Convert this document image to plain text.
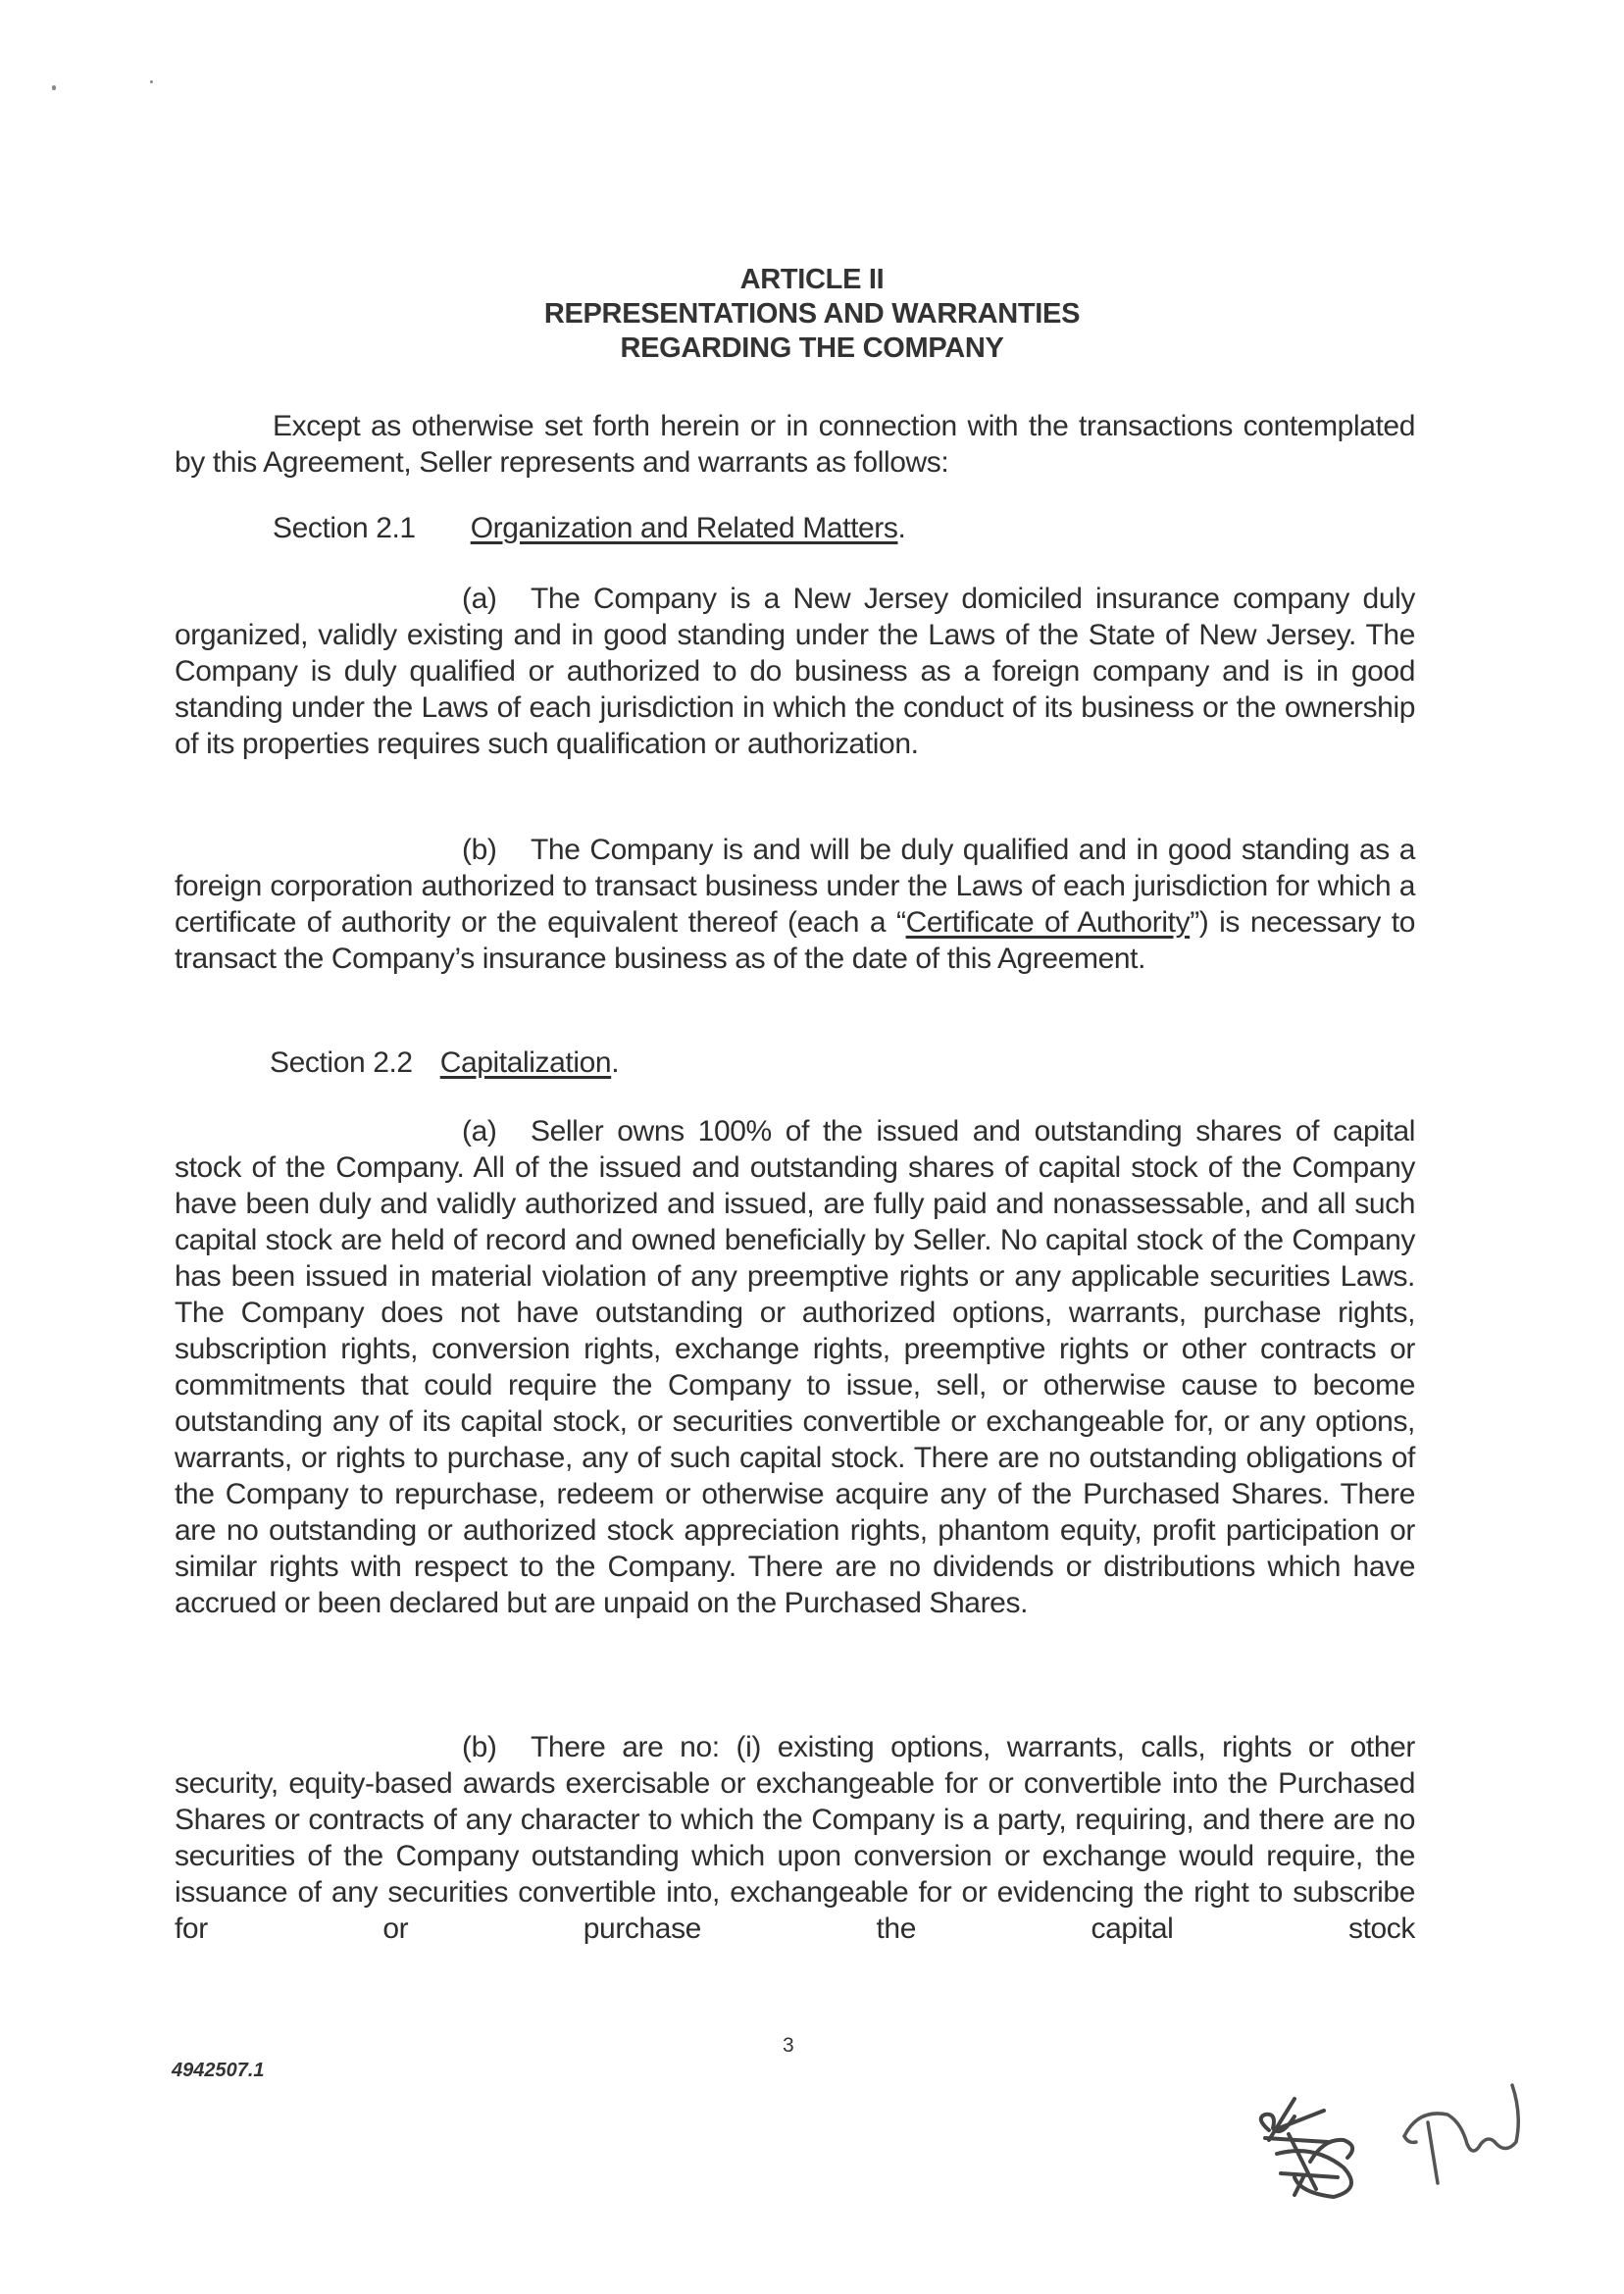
ARTICLE II
REPRESENTATIONS AND WARRANTIES
REGARDING THE COMPANY

Except as otherwise set forth herein or in connection with the transactions contemplated by this Agreement, Seller represents and warrants as follows:

Section 2.1 Organization and Related Matters.

(a) The Company is a New Jersey domiciled insurance company duly organized, validly existing and in good standing under the Laws of the State of New Jersey. The Company is duly qualified or authorized to do business as a foreign company and is in good standing under the Laws of each jurisdiction in which the conduct of its business or the ownership of its properties requires such qualification or authorization.

(b) The Company is and will be duly qualified and in good standing as a foreign corporation authorized to transact business under the Laws of each jurisdiction for which a certificate of authority or the equivalent thereof (each a “Certificate of Authority”) is necessary to transact the Company’s insurance business as of the date of this Agreement.

Section 2.2 Capitalization.

(a) Seller owns 100% of the issued and outstanding shares of capital stock of the Company. All of the issued and outstanding shares of capital stock of the Company have been duly and validly authorized and issued, are fully paid and nonassessable, and all such capital stock are held of record and owned beneficially by Seller. No capital stock of the Company has been issued in material violation of any preemptive rights or any applicable securities Laws. The Company does not have outstanding or authorized options, warrants, purchase rights, subscription rights, conversion rights, exchange rights, preemptive rights or other contracts or commitments that could require the Company to issue, sell, or otherwise cause to become outstanding any of its capital stock, or securities convertible or exchangeable for, or any options, warrants, or rights to purchase, any of such capital stock. There are no outstanding obligations of the Company to repurchase, redeem or otherwise acquire any of the Purchased Shares. There are no outstanding or authorized stock appreciation rights, phantom equity, profit participation or similar rights with respect to the Company. There are no dividends or distributions which have accrued or been declared but are unpaid on the Purchased Shares.

(b) There are no: (i) existing options, warrants, calls, rights or other security, equity-based awards exercisable or exchangeable for or convertible into the Purchased Shares or contracts of any character to which the Company is a party, requiring, and there are no securities of the Company outstanding which upon conversion or exchange would require, the issuance of any securities convertible into, exchangeable for or evidencing the right to subscribe for or purchase the capital stock

3
4942507.1
